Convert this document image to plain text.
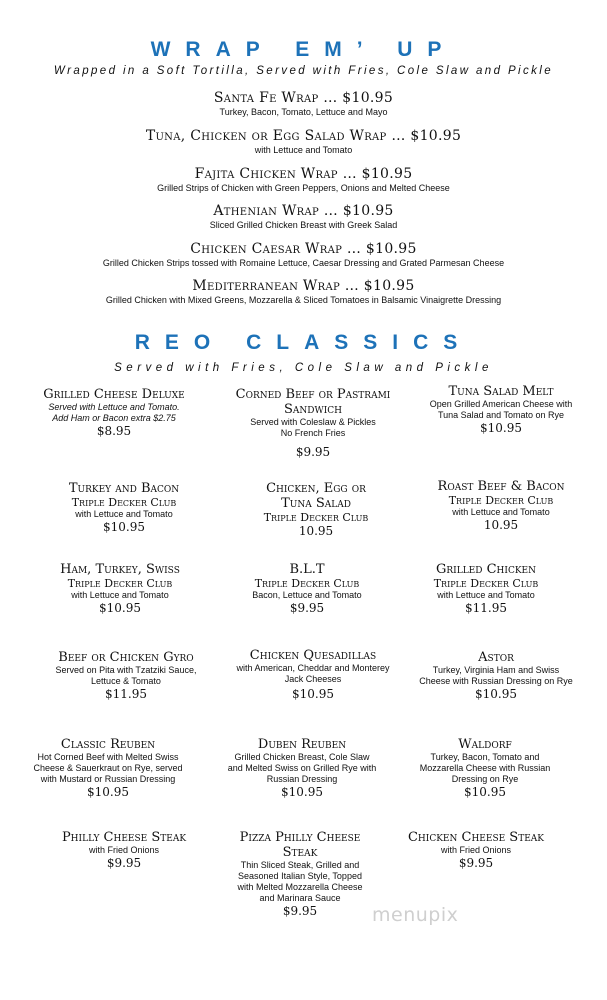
WRAP EM’ UP

Wrapped in a Soft Tortilla, Served with Fries, Cole Slaw and Pickle

Santa Fe Wrap … $10.95
Turkey, Bacon, Tomato, Lettuce and Mayo
Tuna, Chicken or Egg Salad Wrap … $10.95
with Lettuce and Tomato
Fajita Chicken Wrap … $10.95
Grilled Strips of Chicken with Green Peppers, Onions and Melted Cheese
Athenian Wrap … $10.95
Sliced Grilled Chicken Breast with Greek Salad
Chicken Caesar Wrap … $10.95
Grilled Chicken Strips tossed with Romaine Lettuce, Caesar Dressing and Grated Parmesan Cheese
Mediterranean Wrap … $10.95
Grilled Chicken with Mixed Greens, Mozzarella & Sliced Tomatoes in Balsamic Vinaigrette Dressing
REO CLASSICS

Served with Fries, Cole Slaw and Pickle

Grilled Cheese Deluxe
Served with Lettuce and Tomato.
Add Ham or Bacon extra $2.75
$8.95
Corned Beef or Pastrami
Sandwich
Served with Coleslaw & Pickles
No French Fries
$9.95
Tuna Salad Melt
Open Grilled American Cheese with
Tuna Salad and Tomato on Rye
$10.95
Turkey and Bacon
Triple Decker Club
with Lettuce and Tomato
$10.95
Chicken, Egg or
Tuna Salad
Triple Decker Club
10.95
Roast Beef & Bacon
Triple Decker Club
with Lettuce and Tomato
10.95
Ham, Turkey, Swiss
Triple Decker Club
with Lettuce and Tomato
$10.95
B.L.T
Triple Decker Club
Bacon, Lettuce and Tomato
$9.95
Grilled Chicken
Triple Decker Club
with Lettuce and Tomato
$11.95
Beef or Chicken Gyro
Served on Pita with Tzatziki Sauce,
Lettuce & Tomato
$11.95
Chicken Quesadillas
with American, Cheddar and Monterey
Jack Cheeses
$10.95
Astor
Turkey, Virginia Ham and Swiss
Cheese with Russian Dressing on Rye
$10.95
Classic Reuben
Hot Corned Beef with Melted Swiss
Cheese & Sauerkraut on Rye, served
with Mustard or Russian Dressing
$10.95
Duben Reuben
Grilled Chicken Breast, Cole Slaw
and Melted Swiss on Grilled Rye with
Russian Dressing
$10.95
Waldorf
Turkey, Bacon, Tomato and
Mozzarella Cheese with Russian
Dressing on Rye
$10.95
Philly Cheese Steak
with Fried Onions
$9.95
Pizza Philly Cheese
Steak
Thin Sliced Steak, Grilled and
Seasoned Italian Style, Topped
with Melted Mozzarella Cheese
and Marinara Sauce
$9.95
Chicken Cheese Steak
with Fried Onions
$9.95
menupix
